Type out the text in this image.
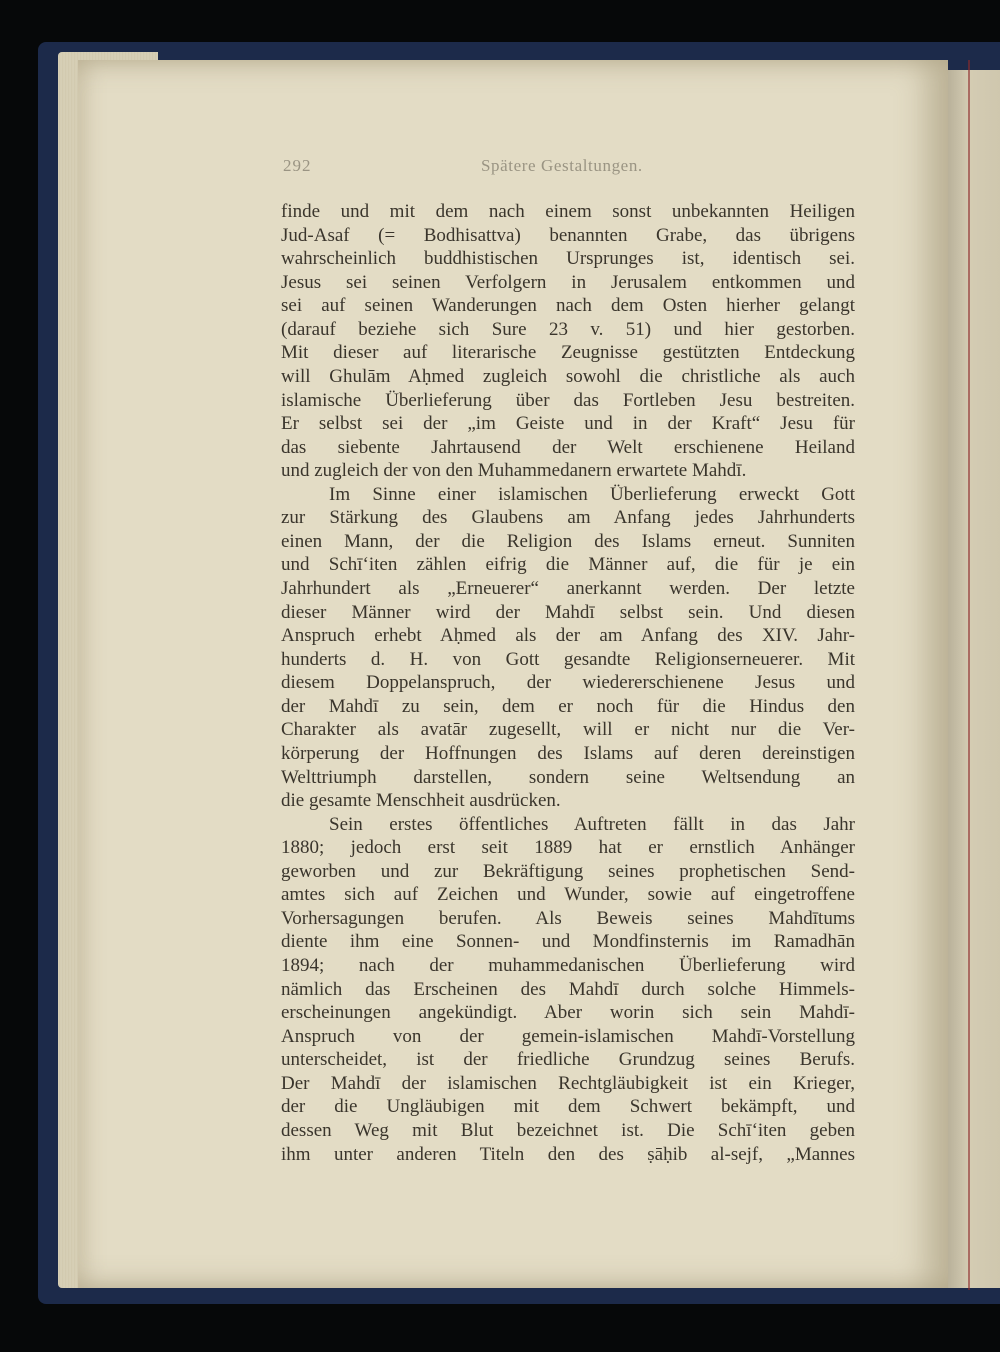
292	Spätere Gestaltungen.
finde und mit dem nach einem sonst unbekannten Heiligen
Jud-Asaf (= Bodhisattva) benannten Grabe, das übrigens
wahrscheinlich buddhistischen Ursprunges ist, identisch sei.
Jesus sei seinen Verfolgern in Jerusalem entkommen und
sei auf seinen Wanderungen nach dem Osten hierher gelangt
(darauf beziehe sich Sure 23 v. 51) und hier gestorben.
Mit dieser auf literarische Zeugnisse gestützten Entdeckung
will Ghulām Aḥmed zugleich sowohl die christliche als auch
islamische Überlieferung über das Fortleben Jesu bestreiten.
Er selbst sei der „im Geiste und in der Kraft“ Jesu für
das siebente Jahrtausend der Welt erschienene Heiland
und zugleich der von den Muhammedanern erwartete Mahdī.
Im Sinne einer islamischen Überlieferung erweckt Gott
zur Stärkung des Glaubens am Anfang jedes Jahrhunderts
einen Mann, der die Religion des Islams erneut. Sunniten
und Schī‘iten zählen eifrig die Männer auf, die für je ein
Jahrhundert als „Erneuerer“ anerkannt werden. Der letzte
dieser Männer wird der Mahdī selbst sein. Und diesen
Anspruch erhebt Aḥmed als der am Anfang des XIV. Jahr-
hunderts d. H. von Gott gesandte Religionserneuerer. Mit
diesem Doppelanspruch, der wiedererschienene Jesus und
der Mahdī zu sein, dem er noch für die Hindus den
Charakter als avatār zugesellt, will er nicht nur die Ver-
körperung der Hoffnungen des Islams auf deren dereinstigen
Welttriumph darstellen, sondern seine Weltsendung an
die gesamte Menschheit ausdrücken.
Sein erstes öffentliches Auftreten fällt in das Jahr
1880; jedoch erst seit 1889 hat er ernstlich Anhänger
geworben und zur Bekräftigung seines prophetischen Send-
amtes sich auf Zeichen und Wunder, sowie auf eingetroffene
Vorhersagungen berufen. Als Beweis seines Mahdītums
diente ihm eine Sonnen- und Mondfinsternis im Ramadhān
1894; nach der muhammedanischen Überlieferung wird
nämlich das Erscheinen des Mahdī durch solche Himmels-
erscheinungen angekündigt. Aber worin sich sein Mahdī-
Anspruch von der gemein-islamischen Mahdī-Vorstellung
unterscheidet, ist der friedliche Grundzug seines Berufs.
Der Mahdī der islamischen Rechtgläubigkeit ist ein Krieger,
der die Ungläubigen mit dem Schwert bekämpft, und
dessen Weg mit Blut bezeichnet ist. Die Schī‘iten geben
ihm unter anderen Titeln den des ṣāḥib al-sejf, „Mannes
